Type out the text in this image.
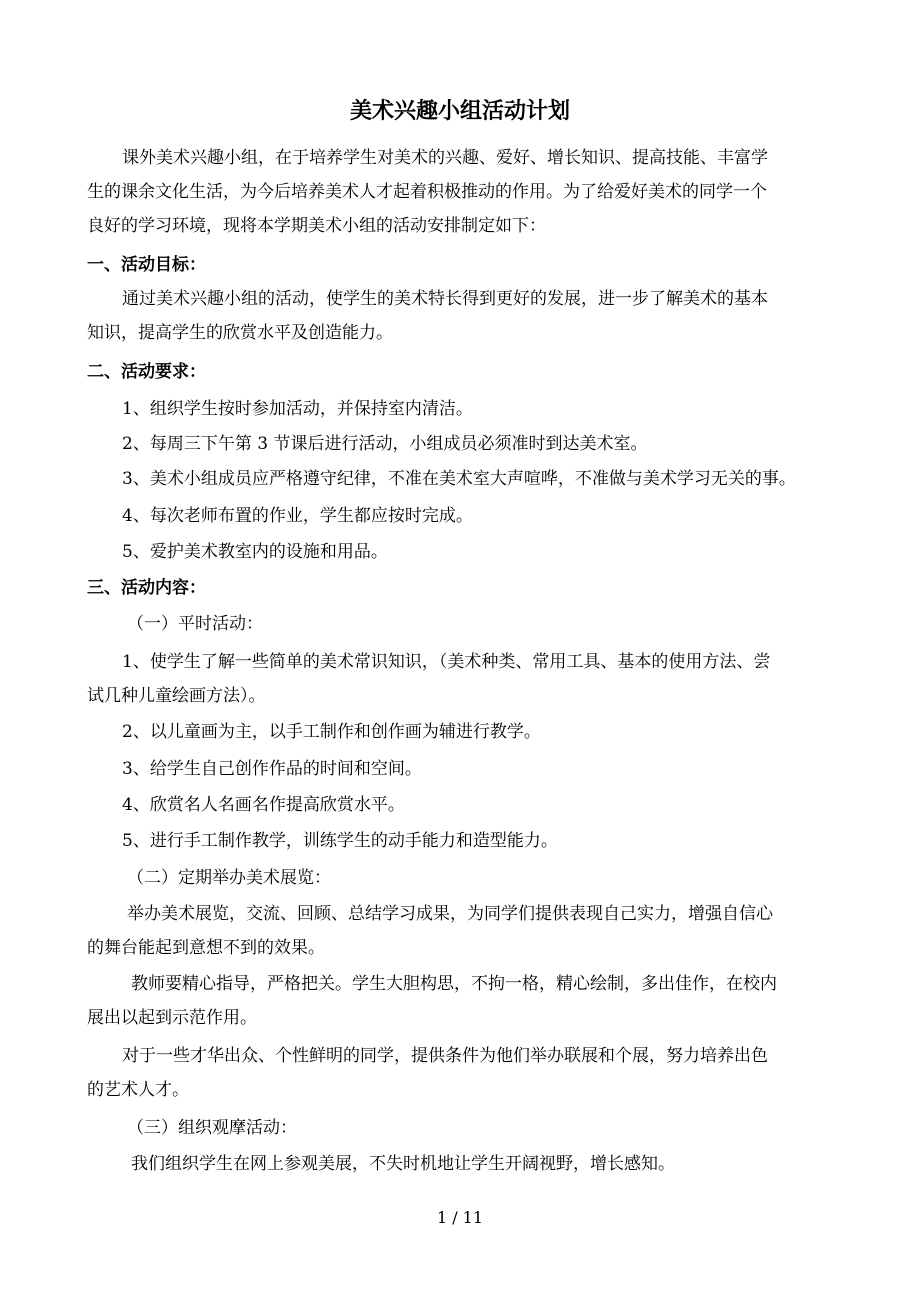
美术兴趣小组活动计划
课外美术兴趣小组，在于培养学生对美术的兴趣、爱好、增长知识、提高技能、丰富学
生的课余文化生活，为今后培养美术人才起着积极推动的作用。为了给爱好美术的同学一个
良好的学习环境，现将本学期美术小组的活动安排制定如下：
一、活动目标：
通过美术兴趣小组的活动，使学生的美术特长得到更好的发展，进一步了解美术的基本
知识，提高学生的欣赏水平及创造能力。
二、活动要求：
1、组织学生按时参加活动，并保持室内清洁。
2、每周三下午第 3 节课后进行活动，小组成员必须准时到达美术室。
3、美术小组成员应严格遵守纪律，不准在美术室大声喧哗，不准做与美术学习无关的事。
4、每次老师布置的作业，学生都应按时完成。
5、爱护美术教室内的设施和用品。
三、活动内容：
（一）平时活动：
1、使学生了解一些简单的美术常识知识，（美术种类、常用工具、基本的使用方法、尝
试几种儿童绘画方法）。
2、以儿童画为主，以手工制作和创作画为辅进行教学。
3、给学生自己创作作品的时间和空间。
4、欣赏名人名画名作提高欣赏水平。
5、进行手工制作教学，训练学生的动手能力和造型能力。
（二）定期举办美术展览：
举办美术展览，交流、回顾、总结学习成果，为同学们提供表现自己实力，增强自信心
的舞台能起到意想不到的效果。
教师要精心指导，严格把关。学生大胆构思，不拘一格，精心绘制，多出佳作，在校内
展出以起到示范作用。
对于一些才华出众、个性鲜明的同学，提供条件为他们举办联展和个展，努力培养出色
的艺术人才。
（三）组织观摩活动：
我们组织学生在网上参观美展，不失时机地让学生开阔视野，增长感知。
1 / 11
